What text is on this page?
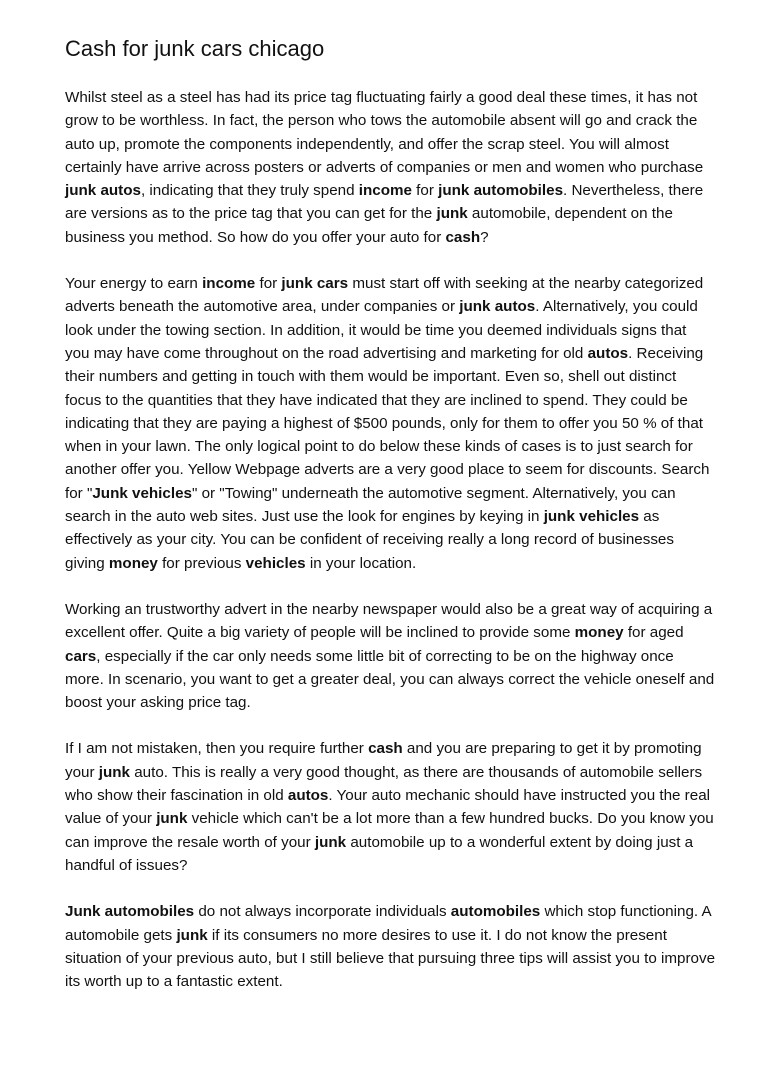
Cash for junk cars chicago

Whilst steel as a steel has had its price tag fluctuating fairly a good deal these times, it has not grow to be worthless. In fact, the person who tows the automobile absent will go and crack the auto up, promote the components independently, and offer the scrap steel. You will almost certainly have arrive across posters or adverts of companies or men and women who purchase junk autos, indicating that they truly spend income for junk automobiles. Nevertheless, there are versions as to the price tag that you can get for the junk automobile, dependent on the business you method. So how do you offer your auto for cash?

Your energy to earn income for junk cars must start off with seeking at the nearby categorized adverts beneath the automotive area, under companies or junk autos. Alternatively, you could look under the towing section. In addition, it would be time you deemed individuals signs that you may have come throughout on the road advertising and marketing for old autos. Receiving their numbers and getting in touch with them would be important. Even so, shell out distinct focus to the quantities that they have indicated that they are inclined to spend. They could be indicating that they are paying a highest of $500 pounds, only for them to offer you 50 % of that when in your lawn. The only logical point to do below these kinds of cases is to just search for another offer you. Yellow Webpage adverts are a very good place to seem for discounts. Search for "Junk vehicles" or "Towing" underneath the automotive segment. Alternatively, you can search in the auto web sites. Just use the look for engines by keying in junk vehicles as effectively as your city. You can be confident of receiving really a long record of businesses giving money for previous vehicles in your location.

Working an trustworthy advert in the nearby newspaper would also be a great way of acquiring a excellent offer. Quite a big variety of people will be inclined to provide some money for aged cars, especially if the car only needs some little bit of correcting to be on the highway once more. In scenario, you want to get a greater deal, you can always correct the vehicle oneself and boost your asking price tag.

If I am not mistaken, then you require further cash and you are preparing to get it by promoting your junk auto. This is really a very good thought, as there are thousands of automobile sellers who show their fascination in old autos. Your auto mechanic should have instructed you the real value of your junk vehicle which can't be a lot more than a few hundred bucks. Do you know you can improve the resale worth of your junk automobile up to a wonderful extent by doing just a handful of issues?

Junk automobiles do not always incorporate individuals automobiles which stop functioning. A automobile gets junk if its consumers no more desires to use it. I do not know the present situation of your previous auto, but I still believe that pursuing three tips will assist you to improve its worth up to a fantastic extent.
